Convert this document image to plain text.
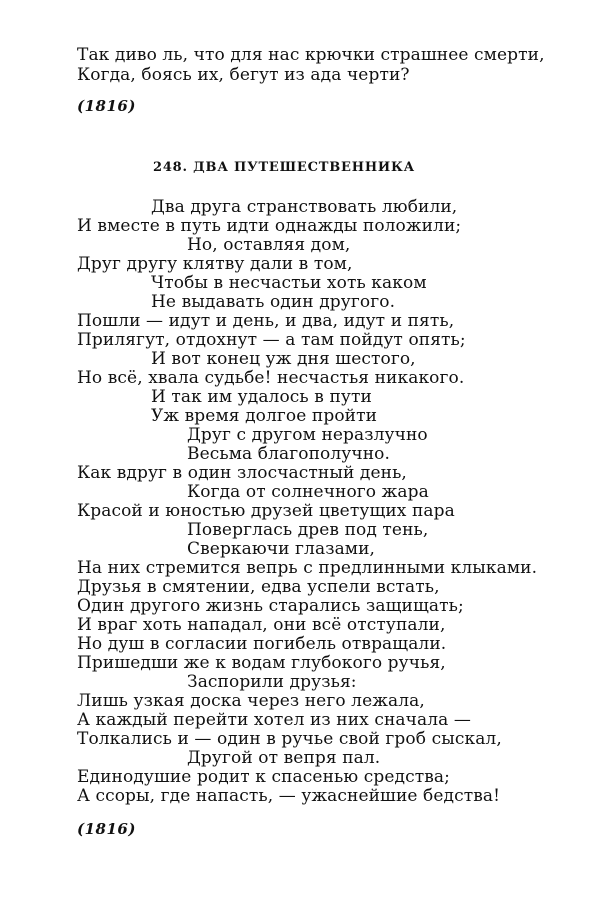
Так диво ль, что для нас крючки страшнее смерти,
Когда, боясь их, бегут из ада черти?
(1816)
248. ДВА ПУТЕШЕСТВЕННИКА
Два друга странствовать любили,
И вместе в путь идти однажды положили;
Но, оставляя дом,
Друг другу клятву дали в том,
Чтобы в несчастьи хоть каком
Не выдавать один другого.
Пошли — идут и день, и два, идут и пять,
Прилягут, отдохнут — а там пойдут опять;
И вот конец уж дня шестого,
Но всё, хвала судьбе! несчастья никакого.
И так им удалось в пути
Уж время долгое пройти
Друг с другом неразлучно
Весьма благополучно.
Как вдруг в один злосчастный день,
Когда от солнечного жара
Красой и юностью друзей цветущих пара
Поверглась древ под тень,
Сверкаючи глазами,
На них стремится вепрь с предлинными клыками.
Друзья в смятении, едва успели встать,
Один другого жизнь старались защищать;
И враг хоть нападал, они всё отступали,
Но душ в согласии погибель отвращали.
Пришедши же к водам глубокого ручья,
Заспорили друзья:
Лишь узкая доска через него лежала,
А каждый перейти хотел из них сначала —
Толкались и — один в ручье свой гроб сыскал,
Другой от вепря пал.
Единодушие родит к спасенью средства;
А ссоры, где напасть, — ужаснейшие бедства!
(1816)
